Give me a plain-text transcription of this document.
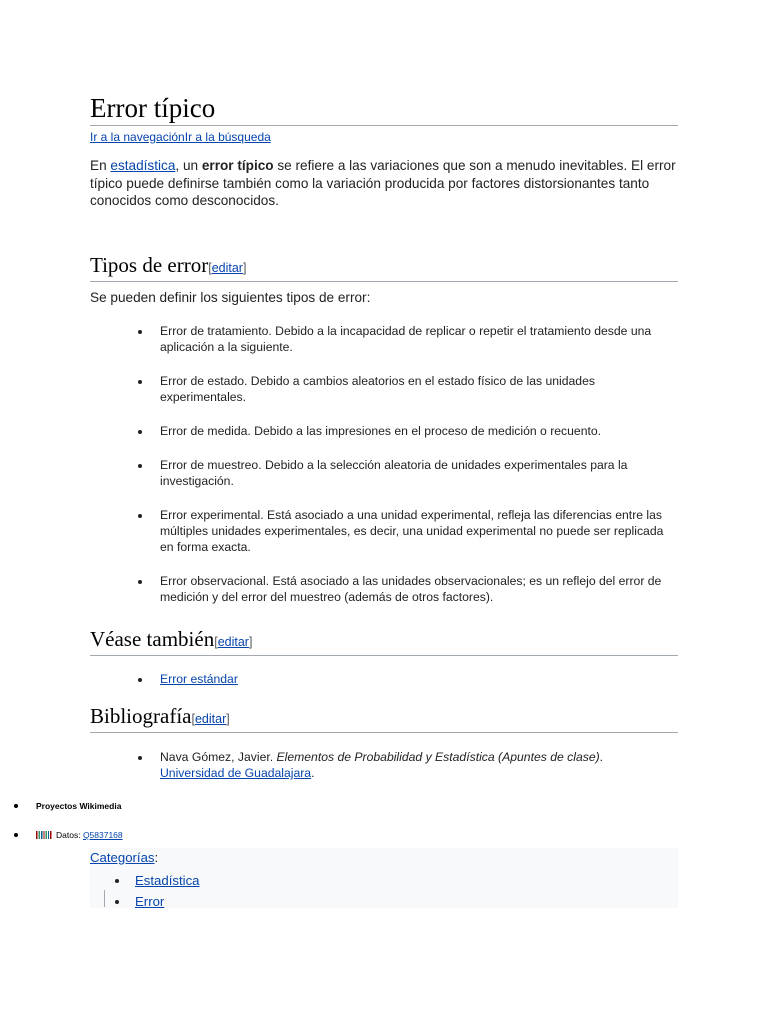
Error típico
Ir a la navegaciónIr a la búsqueda

En estadística, un error típico se refiere a las variaciones que son a menudo inevitables. El error típico puede definirse también como la variación producida por factores distorsionantes tanto conocidos como desconocidos.

Tipos de error[editar]

Se pueden definir los siguientes tipos de error:

Error de tratamiento. Debido a la incapacidad de replicar o repetir el tratamiento desde una aplicación a la siguiente.
Error de estado. Debido a cambios aleatorios en el estado físico de las unidades experimentales.
Error de medida. Debido a las impresiones en el proceso de medición o recuento.
Error de muestreo. Debido a la selección aleatoria de unidades experimentales para la investigación.
Error experimental. Está asociado a una unidad experimental, refleja las diferencias entre las múltiples unidades experimentales, es decir, una unidad experimental no puede ser replicada en forma exacta.
Error observacional. Está asociado a las unidades observacionales; es un reflejo del error de medición y del error del muestreo (además de otros factores).
Véase también[editar]
Error estándar
Bibliografía[editar]
Nava Gómez, Javier. Elementos de Probabilidad y Estadística (Apuntes de clase). Universidad de Guadalajara.
Proyectos Wikimedia
Datos: Q5837168
Categorías:
Estadística
Error
